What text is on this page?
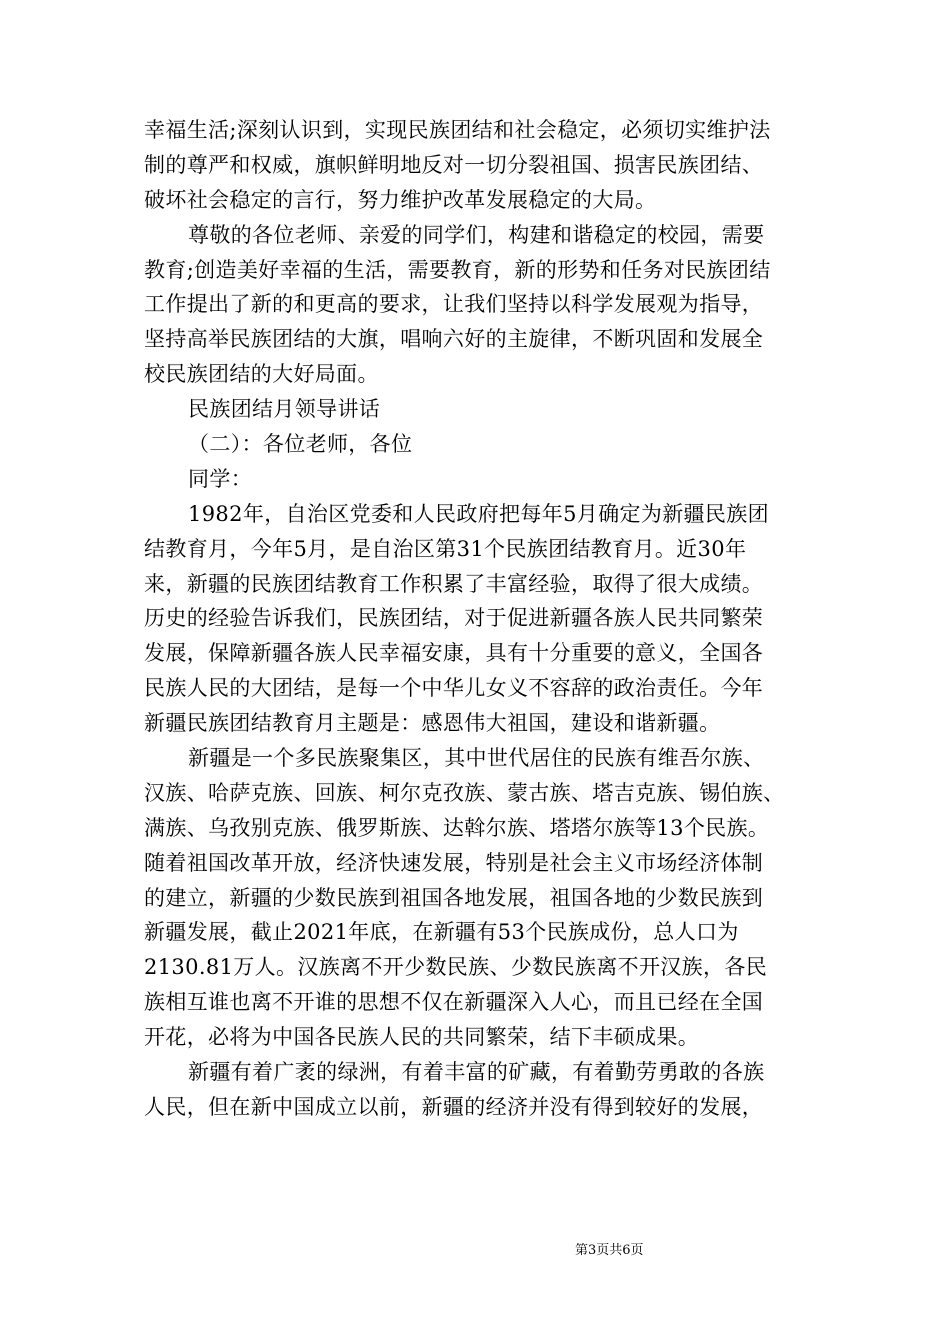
幸福生活;深刻认识到，实现民族团结和社会稳定，必须切实维护法
制的尊严和权威，旗帜鲜明地反对一切分裂祖国、损害民族团结、
破坏社会稳定的言行，努力维护改革发展稳定的大局。
尊敬的各位老师、亲爱的同学们，构建和谐稳定的校园，需要
教育;创造美好幸福的生活，需要教育，新的形势和任务对民族团结
工作提出了新的和更高的要求，让我们坚持以科学发展观为指导，
坚持高举民族团结的大旗，唱响六好的主旋律，不断巩固和发展全
校民族团结的大好局面。
民族团结月领导讲话
（二）：各位老师，各位
同学：
1982年，自治区党委和人民政府把每年5月确定为新疆民族团
结教育月，今年5月，是自治区第31个民族团结教育月。近30年
来，新疆的民族团结教育工作积累了丰富经验，取得了很大成绩。
历史的经验告诉我们，民族团结，对于促进新疆各族人民共同繁荣
发展，保障新疆各族人民幸福安康，具有十分重要的意义，全国各
民族人民的大团结，是每一个中华儿女义不容辞的政治责任。今年
新疆民族团结教育月主题是：感恩伟大祖国，建设和谐新疆。
新疆是一个多民族聚集区，其中世代居住的民族有维吾尔族、
汉族、哈萨克族、回族、柯尔克孜族、蒙古族、塔吉克族、锡伯族、
满族、乌孜别克族、俄罗斯族、达斡尔族、塔塔尔族等13个民族。
随着祖国改革开放，经济快速发展，特别是社会主义市场经济体制
的建立，新疆的少数民族到祖国各地发展，祖国各地的少数民族到
新疆发展，截止2021年底，在新疆有53个民族成份，总人口为
2130.81万人。汉族离不开少数民族、少数民族离不开汉族，各民
族相互谁也离不开谁的思想不仅在新疆深入人心，而且已经在全国
开花，必将为中国各民族人民的共同繁荣，结下丰硕成果。
新疆有着广袤的绿洲，有着丰富的矿藏，有着勤劳勇敢的各族
人民，但在新中国成立以前，新疆的经济并没有得到较好的发展，
第3页共6页
